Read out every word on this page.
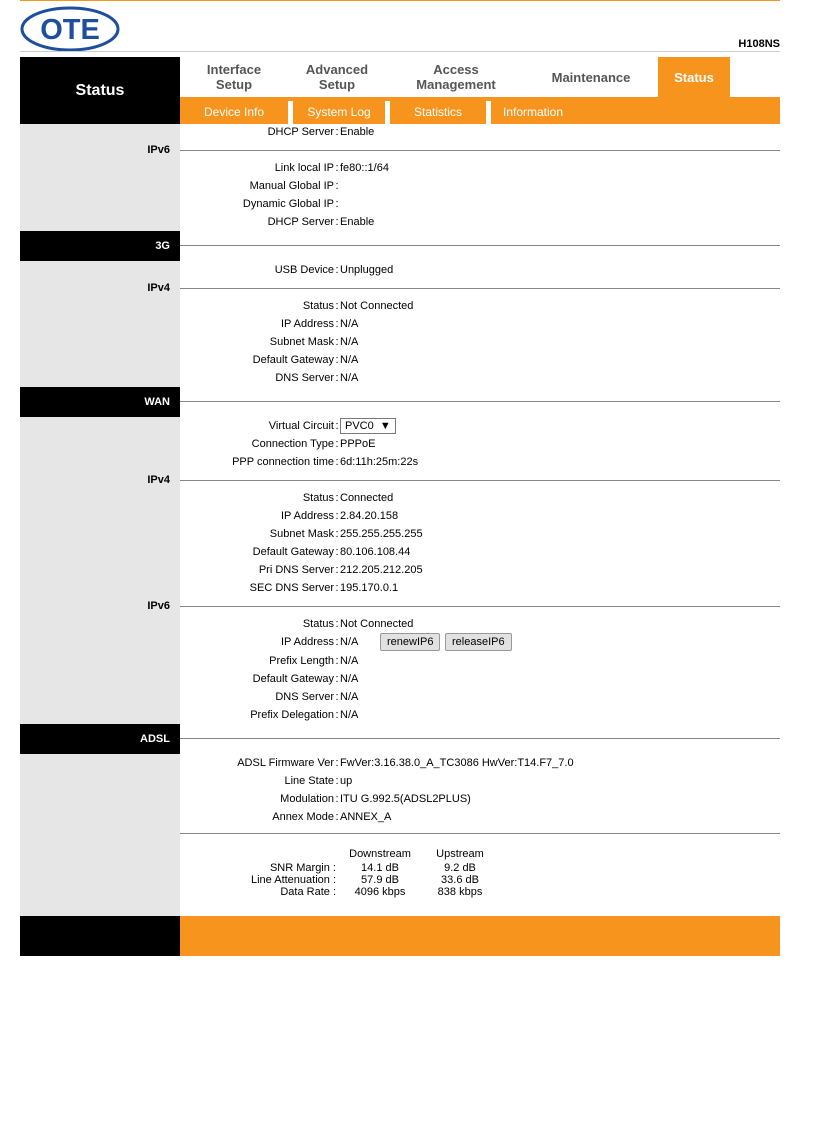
OTE	H108NS
Status
Interface
Setup
Advanced
Setup
Access
Management	Maintenance	Status
Device Info	System Log	Statistics	Information
DHCP Server : Enable
IPv6
Link local IP : fe80::1/64
Manual Global IP :
Dynamic Global IP :
DHCP Server : Enable
3G
USB Device : Unplugged
IPv4
Status : Not Connected
IP Address : N/A
Subnet Mask : N/A
Default Gateway : N/A
DNS Server : N/A
WAN
Virtual Circuit : PVC0 ▼
Connection Type : PPPoE
PPP connection time : 6d:11h:25m:22s
IPv4
Status : Connected
IP Address : 2.84.20.158
Subnet Mask : 255.255.255.255
Default Gateway : 80.106.108.44
Pri DNS Server : 212.205.212.205
SEC DNS Server : 195.170.0.1
IPv6
Status : Not Connected
IP Address : N/A	renewIP6	releaseIP6
Prefix Length : N/A
Default Gateway : N/A
DNS Server : N/A
Prefix Delegation : N/A
ADSL
ADSL Firmware Ver : FwVer:3.16.38.0_A_TC3086 HwVer:T14.F7_7.0
Line State : up
Modulation : ITU G.992.5(ADSL2PLUS)
Annex Mode : ANNEX_A
Downstream	Upstream
SNR Margin :	14.1 dB	9.2 dB
Line Attenuation :	57.9 dB	33.6 dB
Data Rate :	4096 kbps	838 kbps
